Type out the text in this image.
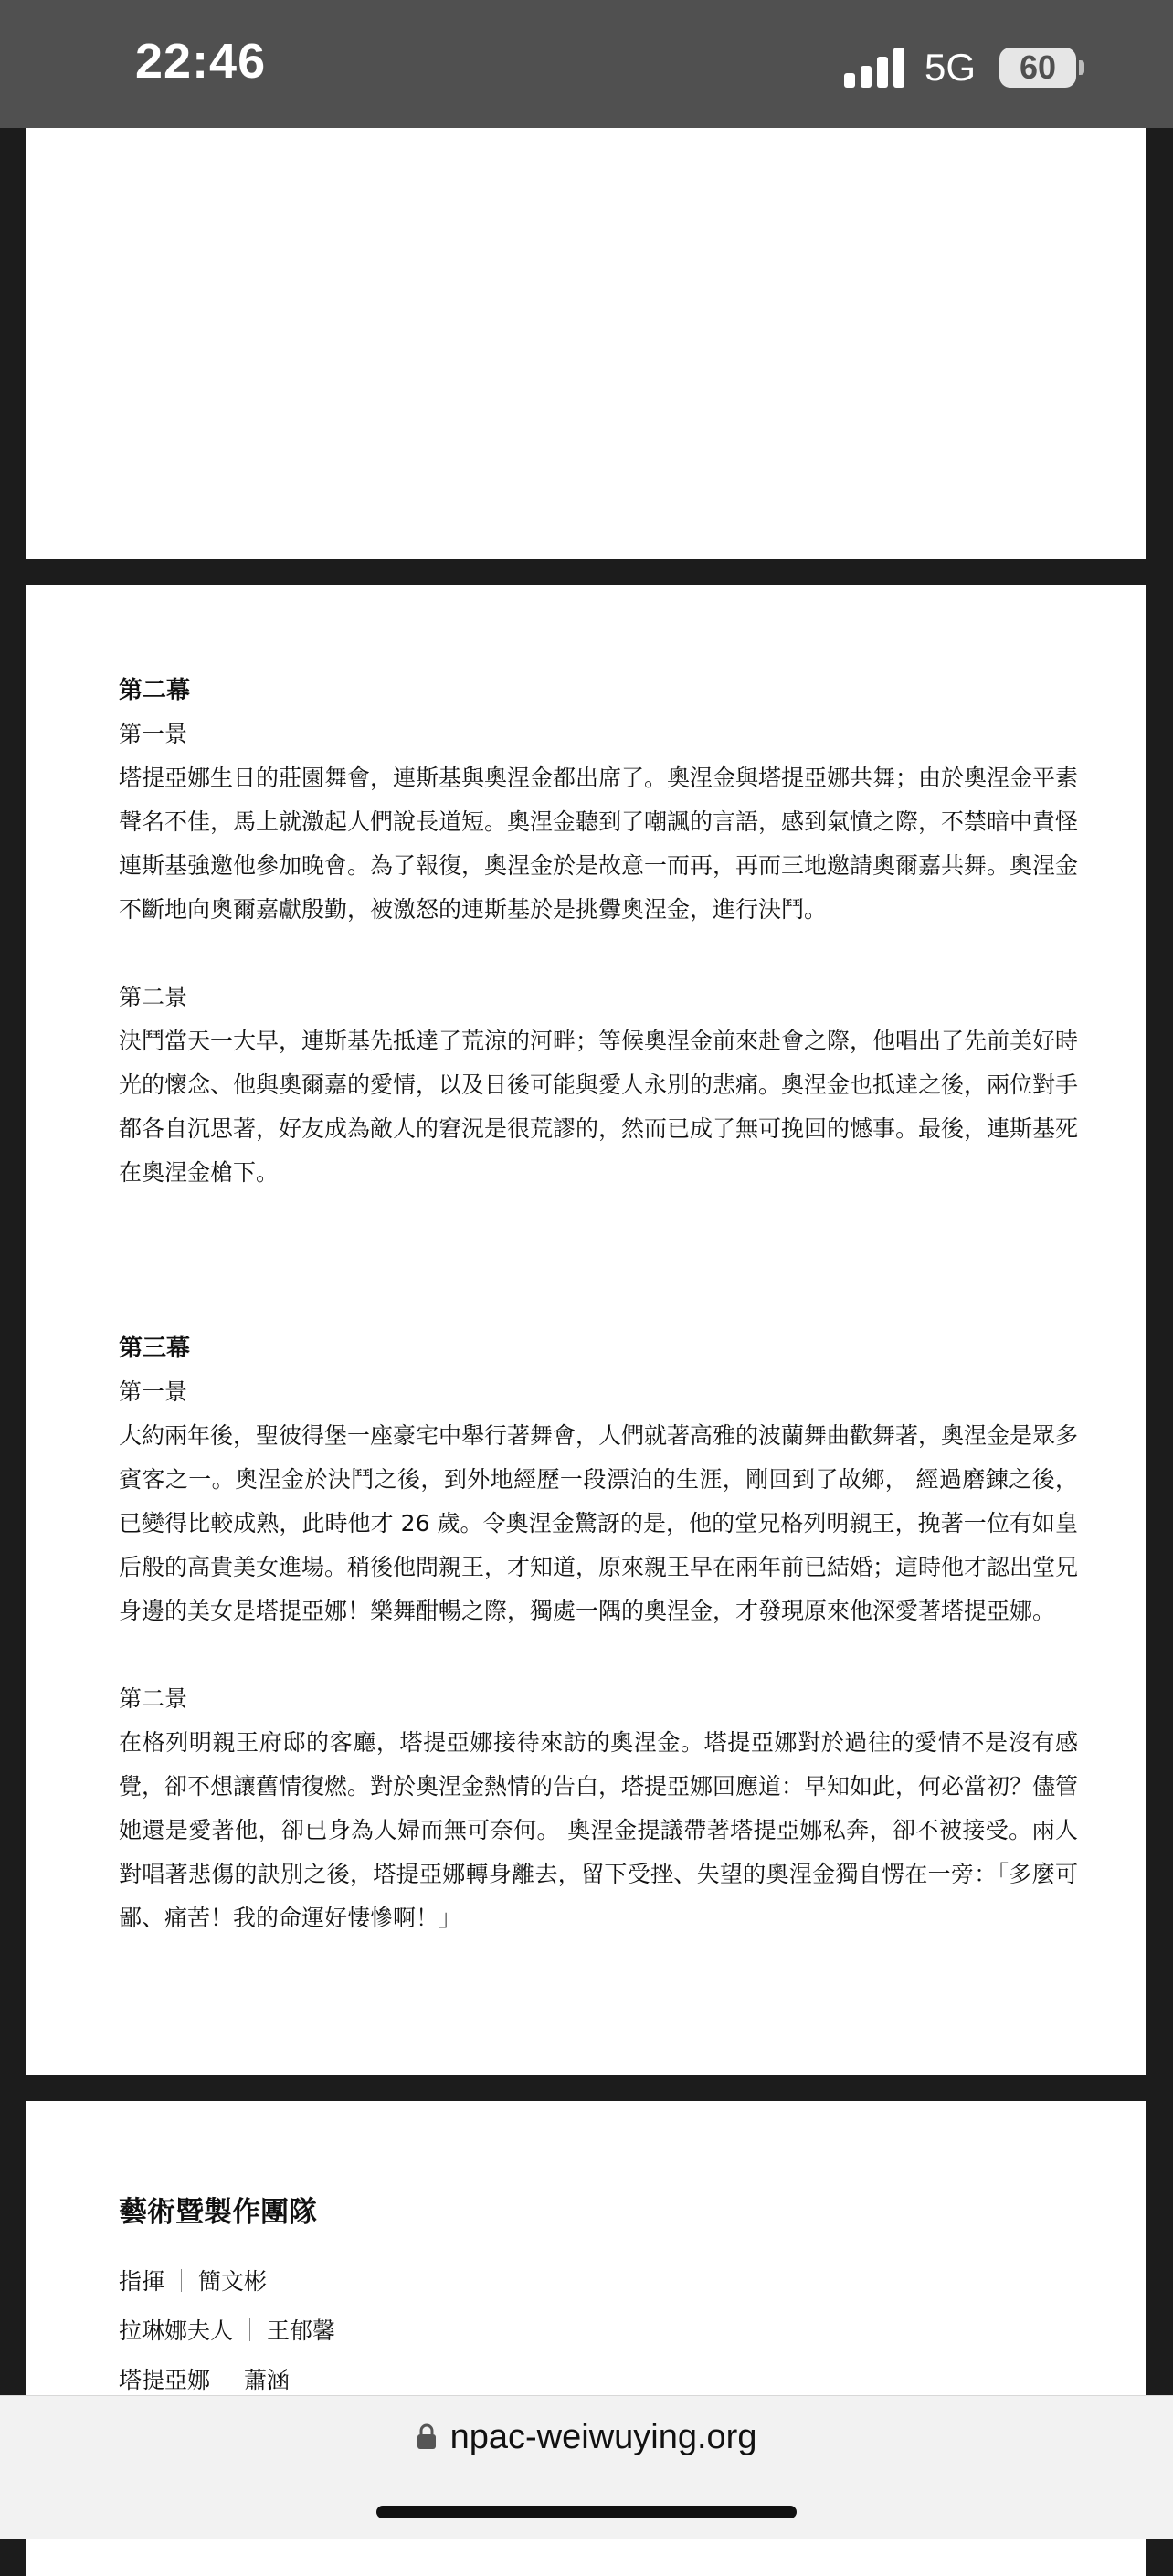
22:46	5G	60

第二幕

第一景

塔提亞娜生日的莊園舞會，連斯基與奧涅金都出席了。奧涅金與塔提亞娜共舞；由於奧涅金平素聲名不佳，馬上就激起人們說長道短。奧涅金聽到了嘲諷的言語，感到氣憤之際，不禁暗中責怪連斯基強邀他參加晚會。為了報復，奧涅金於是故意一而再，再而三地邀請奧爾嘉共舞。奧涅金不斷地向奧爾嘉獻殷勤，被激怒的連斯基於是挑釁奧涅金，進行決鬥。

第二景

決鬥當天一大早，連斯基先抵達了荒涼的河畔；等候奧涅金前來赴會之際，他唱出了先前美好時光的懷念、他與奧爾嘉的愛情，以及日後可能與愛人永別的悲痛。奧涅金也抵達之後，兩位對手都各自沉思著，好友成為敵人的窘況是很荒謬的，然而已成了無可挽回的憾事。最後，連斯基死在奧涅金槍下。

第三幕

第一景

大約兩年後，聖彼得堡一座豪宅中舉行著舞會，人們就著高雅的波蘭舞曲歡舞著，奧涅金是眾多賓客之一。奧涅金於決鬥之後，到外地經歷一段漂泊的生涯，剛回到了故鄉， 經過磨鍊之後，已變得比較成熟，此時他才 26 歲。令奧涅金驚訝的是，他的堂兄格列明親王，挽著一位有如皇后般的高貴美女進場。稍後他問親王，才知道，原來親王早在兩年前已結婚；這時他才認出堂兄身邊的美女是塔提亞娜！樂舞酣暢之際，獨處一隅的奧涅金，才發現原來他深愛著塔提亞娜。

第二景

在格列明親王府邸的客廳，塔提亞娜接待來訪的奧涅金。塔提亞娜對於過往的愛情不是沒有感覺，卻不想讓舊情復燃。對於奧涅金熱情的告白，塔提亞娜回應道：早知如此，何必當初？儘管她還是愛著他，卻已身為人婦而無可奈何。 奧涅金提議帶著塔提亞娜私奔，卻不被接受。兩人對唱著悲傷的訣別之後，塔提亞娜轉身離去，留下受挫、失望的奧涅金獨自愣在一旁：「多麼可鄙、痛苦！我的命運好悽慘啊！」

藝術暨製作團隊
指揮 ｜ 簡文彬
拉琳娜夫人 ｜ 王郁馨
塔提亞娜 ｜ 蕭涵
npac-weiwuying.org
